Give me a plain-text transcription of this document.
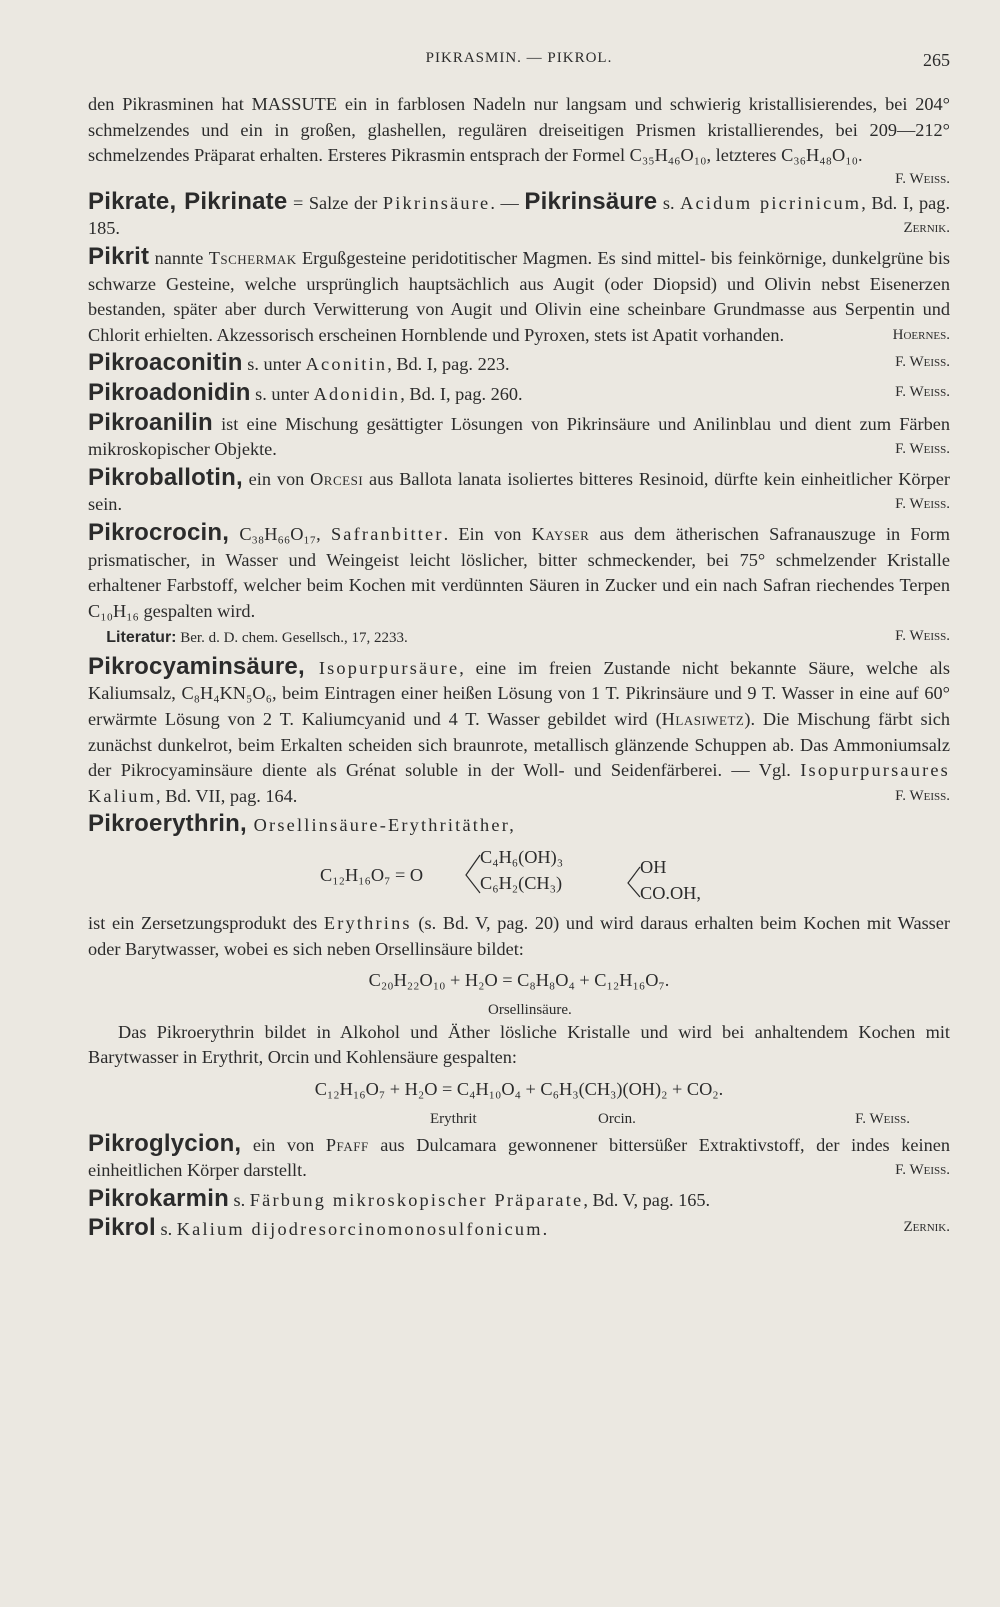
PIKRASMIN. — PIKROL.	265

den Pikrasminen hat MASSUTE ein in farblosen Nadeln nur langsam und schwierig kristallisierendes, bei 204° schmelzendes und ein in großen, glashellen, regulären dreiseitigen Prismen kristallierendes, bei 209—212° schmelzendes Präparat erhalten. Ersteres Pikrasmin entsprach der Formel C₃₅H₄₆O₁₀, letzteres C₃₆H₄₈O₁₀.

F. Weiss.

Pikrate, Pikrinate = Salze der Pikrinsäure. — Pikrinsäure s. Acidum picrinicum, Bd. I, pag. 185.	Zernik.

Pikrit nannte Tschermak Ergußgesteine peridotitischer Magmen. Es sind mittel- bis feinkörnige, dunkelgrüne bis schwarze Gesteine, welche ursprünglich hauptsächlich aus Augit (oder Diopsid) und Olivin nebst Eisenerzen bestanden, später aber durch Verwitterung von Augit und Olivin eine scheinbare Grundmasse aus Serpentin und Chlorit erhielten. Akzessorisch erscheinen Hornblende und Pyroxen, stets ist Apatit vorhanden.	Hoernes.

Pikroaconitin s. unter Aconitin, Bd. I, pag. 223.	F. Weiss.

Pikroadonidin s. unter Adonidin, Bd. I, pag. 260.	F. Weiss.

Pikroanilin ist eine Mischung gesättigter Lösungen von Pikrinsäure und Anilinblau und dient zum Färben mikroskopischer Objekte.	F. Weiss.

Pikroballotin, ein von Orcesi aus Ballota lanata isoliertes bitteres Resinoid, dürfte kein einheitlicher Körper sein.	F. Weiss.

Pikrocrocin, C₃₈H₆₆O₁₇, Safranbitter. Ein von Kayser aus dem ätherischen Safranauszuge in Form prismatischer, in Wasser und Weingeist leicht löslicher, bitter schmeckender, bei 75° schmelzender Kristalle erhaltener Farbstoff, welcher beim Kochen mit verdünnten Säuren in Zucker und ein nach Safran riechendes Terpen C₁₀H₁₆ gespalten wird.
Literatur: Ber. d. D. chem. Gesellsch., 17, 2233.	F. Weiss.

Pikrocyaminsäure, Isopurpursäure, eine im freien Zustande nicht bekannte Säure, welche als Kaliumsalz, C₈H₄KN₅O₆, beim Eintragen einer heißen Lösung von 1 T. Pikrinsäure und 9 T. Wasser in eine auf 60° erwärmte Lösung von 2 T. Kaliumcyanid und 4 T. Wasser gebildet wird (Hlasiwetz). Die Mischung färbt sich zunächst dunkelrot, beim Erkalten scheiden sich braunrote, metallisch glänzende Schuppen ab. Das Ammoniumsalz der Pikrocyaminsäure diente als Grénat soluble in der Woll- und Seidenfärberei. — Vgl. Isopurpursaures Kalium, Bd. VII, pag. 164.	F. Weiss.

Pikroerythrin, Orsellinsäure-Erythritäther,
C₁₂H₁₆O₇ = O
C₄H₆(OH)₃
C₆H₂(CH₃)
OH
CO.OH,

ist ein Zersetzungsprodukt des Erythrins (s. Bd. V, pag. 20) und wird daraus erhalten beim Kochen mit Wasser oder Barytwasser, wobei es sich neben Orsellinsäure bildet:

C₂₀H₂₂O₁₀ + H₂O = C₈H₈O₄ + C₁₂H₁₆O₇.
Orsellinsäure.

Das Pikroerythrin bildet in Alkohol und Äther lösliche Kristalle und wird bei anhaltendem Kochen mit Barytwasser in Erythrit, Orcin und Kohlensäure gespalten:

C₁₂H₁₆O₇ + H₂O = C₄H₁₀O₄ + C₆H₃(CH₃)(OH)₂ + CO₂.
Erythrit	Orcin.	F. Weiss.

Pikroglycion, ein von Pfaff aus Dulcamara gewonnener bittersüßer Extraktivstoff, der indes keinen einheitlichen Körper darstellt.	F. Weiss.

Pikrokarmin s. Färbung mikroskopischer Präparate, Bd. V, pag. 165.

Pikrol s. Kalium dijodresorcinomonosulfonicum.	Zernik.
